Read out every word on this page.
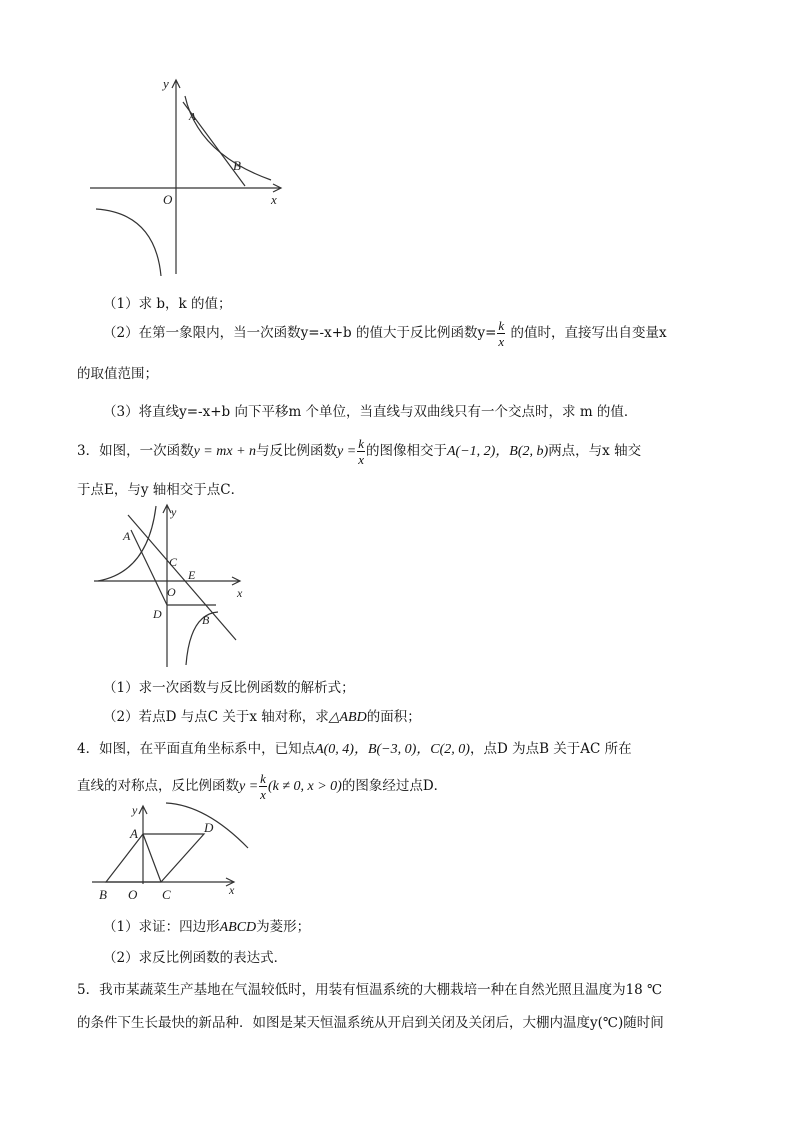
y
x
O
A
B
（1）求 b，k 的值；
（2）在第一象限内，当一次函数y=-x+b 的值大于反比例函数$y= \frac{k}{x}$ 的值时，直接写出自变量x
的取值范围；
（3）将直线y=-x+b 向下平移m 个单位，当直线与双曲线只有一个交点时，求 m 的值．
3．如图，一次函数y = mx + n与反比例函数$y = \frac{k}{x}$ 的图像相交于A(−1, 2)，B(2, b)两点，与x 轴交
于点E，与y 轴相交于点C．
y
x
A
C
E
O
D	B
（1）求一次函数与反比例函数的解析式；
（2）若点D 与点C 关于x 轴对称，求△ABD的面积；
4．如图，在平面直角坐标系中，已知点A(0, 4)，B(−3, 0)，C(2, 0)，点D 为点B 关于AC 所在
直线的对称点，反比例函数$y = \frac{k}{x} (k \ne 0$, x > 0)的图象经过点D．
y
x
A	D
B O C
（1）求证：四边形ABCD为菱形；
（2）求反比例函数的表达式．
5．我市某蔬菜生产基地在气温较低时，用装有恒温系统的大棚栽培一种在自然光照且温度为18 ℃
的条件下生长最快的新品种．如图是某天恒温系统从开启到关闭及关闭后，大棚内温度y(℃)随时间
